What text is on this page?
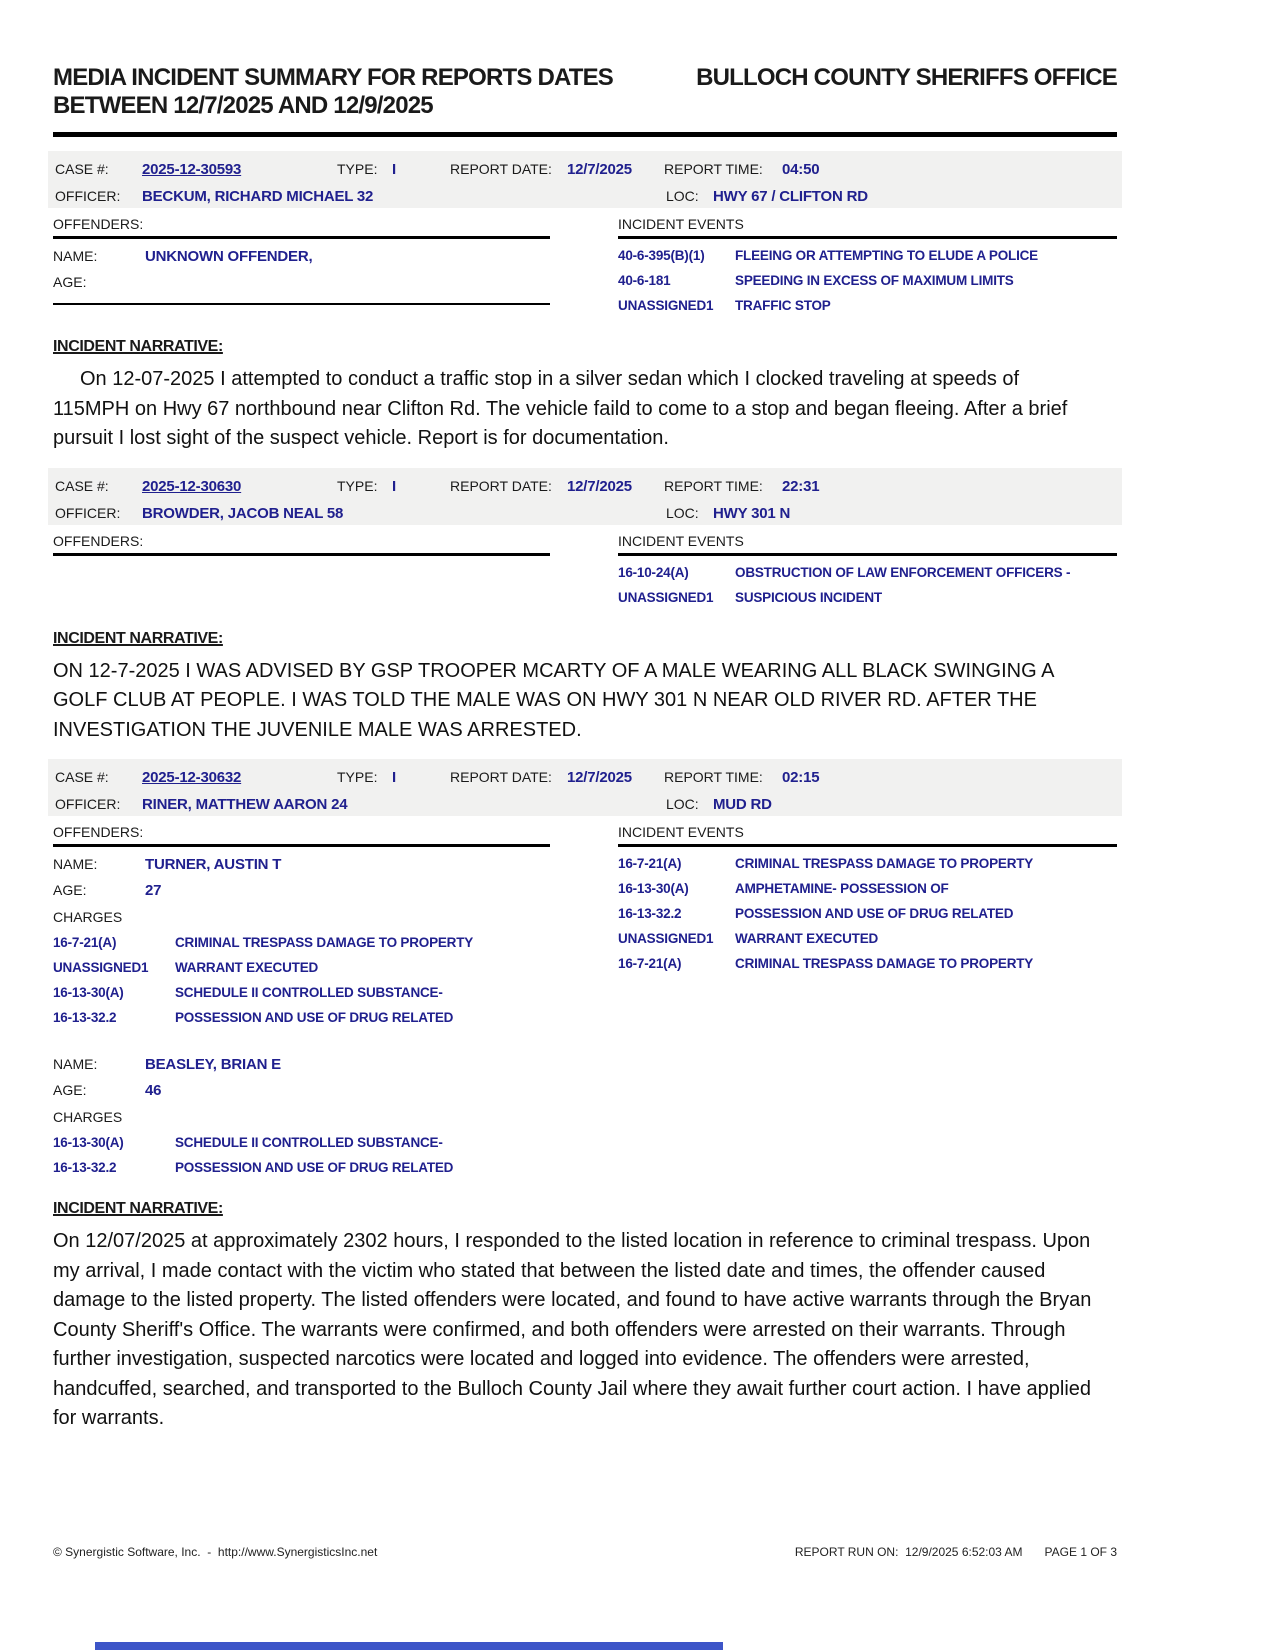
MEDIA INCIDENT SUMMARY FOR REPORTS DATES
BETWEEN 12/7/2025 AND 12/9/2025
BULLOCH COUNTY SHERIFFS OFFICE
CASE #: 2025-12-30593	TYPE: I	REPORT DATE: 12/7/2025 REPORT TIME: 04:50
OFFICER: BECKUM, RICHARD MICHAEL 32	LOC: HWY 67 / CLIFTON RD
OFFENDERS:
NAME:	UNKNOWN OFFENDER,
AGE:
INCIDENT EVENTS
40-6-395(B)(1)	FLEEING OR ATTEMPTING TO ELUDE A POLICE
40-6-181	SPEEDING IN EXCESS OF MAXIMUM LIMITS
UNASSIGNED1	TRAFFIC STOP
INCIDENT NARRATIVE:

On 12-07-2025 I attempted to conduct a traffic stop in a silver sedan which I clocked traveling at speeds of 115MPH on Hwy 67 northbound near Clifton Rd. The vehicle faild to come to a stop and began fleeing. After a brief pursuit I lost sight of the suspect vehicle. Report is for documentation.

CASE #: 2025-12-30630	TYPE: I	REPORT DATE: 12/7/2025 REPORT TIME: 22:31
OFFICER: BROWDER, JACOB NEAL 58	LOC: HWY 301 N
OFFENDERS:	INCIDENT EVENTS
16-10-24(A)	OBSTRUCTION OF LAW ENFORCEMENT OFFICERS -
UNASSIGNED1	SUSPICIOUS INCIDENT
INCIDENT NARRATIVE:

ON 12-7-2025 I WAS ADVISED BY GSP TROOPER MCARTY OF A MALE WEARING ALL BLACK SWINGING A GOLF CLUB AT PEOPLE. I WAS TOLD THE MALE WAS ON HWY 301 N NEAR OLD RIVER RD. AFTER THE INVESTIGATION THE JUVENILE MALE WAS ARRESTED.

CASE #: 2025-12-30632	TYPE: I	REPORT DATE: 12/7/2025 REPORT TIME: 02:15
OFFICER: RINER, MATTHEW AARON 24	LOC: MUD RD
OFFENDERS:
NAME:	TURNER, AUSTIN T
AGE:	27
CHARGES
16-7-21(A)	CRIMINAL TRESPASS DAMAGE TO PROPERTY
UNASSIGNED1	WARRANT EXECUTED
16-13-30(A)	SCHEDULE II CONTROLLED SUBSTANCE-
16-13-32.2	POSSESSION AND USE OF DRUG RELATED
NAME:	BEASLEY, BRIAN E
AGE:	46
CHARGES
16-13-30(A)	SCHEDULE II CONTROLLED SUBSTANCE-
16-13-32.2	POSSESSION AND USE OF DRUG RELATED
INCIDENT EVENTS
16-7-21(A)	CRIMINAL TRESPASS DAMAGE TO PROPERTY
16-13-30(A)	AMPHETAMINE- POSSESSION OF
16-13-32.2	POSSESSION AND USE OF DRUG RELATED
UNASSIGNED1	WARRANT EXECUTED
16-7-21(A)	CRIMINAL TRESPASS DAMAGE TO PROPERTY
INCIDENT NARRATIVE:

On 12/07/2025 at approximately 2302 hours, I responded to the listed location in reference to criminal trespass. Upon my arrival, I made contact with the victim who stated that between the listed date and times, the offender caused damage to the listed property. The listed offenders were located, and found to have active warrants through the Bryan County Sheriff's Office. The warrants were confirmed, and both offenders were arrested on their warrants. Through further investigation, suspected narcotics were located and logged into evidence. The offenders were arrested, handcuffed, searched, and transported to the Bulloch County Jail where they await further court action. I have applied for warrants.

© Synergistic Software, Inc.  -  http://www.SynergisticsInc.net	REPORT RUN ON:  12/9/2025 6:52:03 AM PAGE 1 OF 3
